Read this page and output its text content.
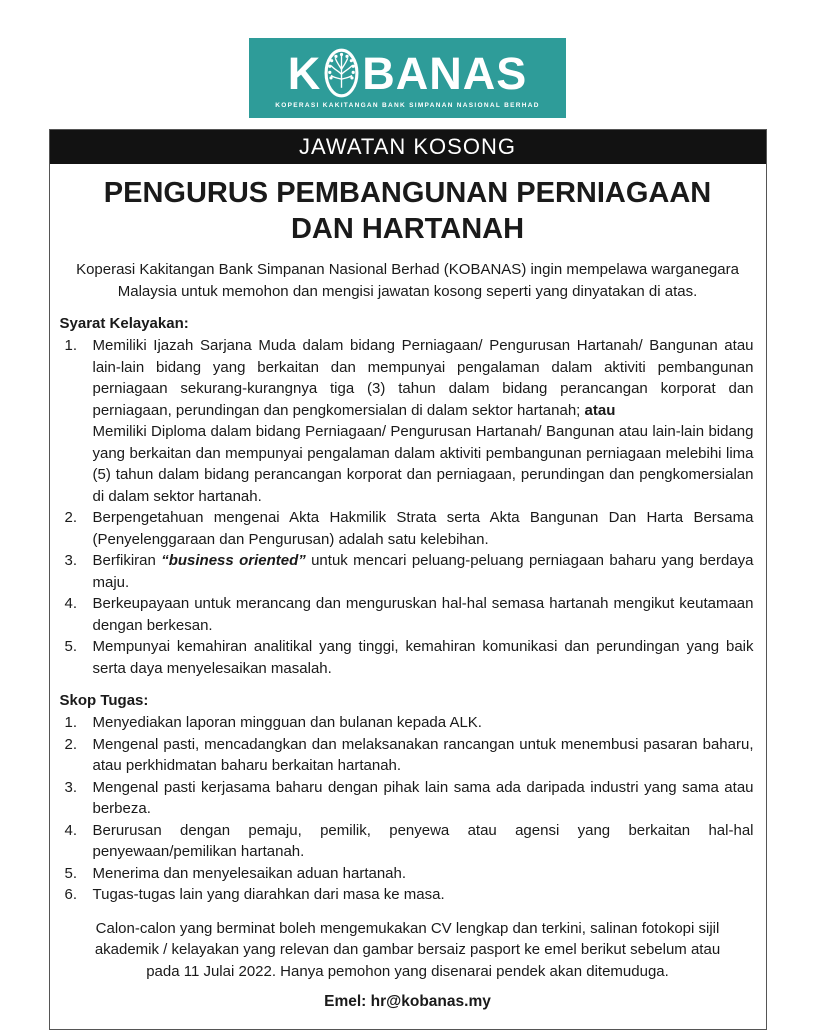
K BANAS
KOPERASI KAKITANGAN BANK SIMPANAN NASIONAL BERHAD
JAWATAN KOSONG
PENGURUS PEMBANGUNAN PERNIAGAAN DAN HARTANAH
Koperasi Kakitangan Bank Simpanan Nasional Berhad (KOBANAS) ingin mempelawa warganegara Malaysia untuk memohon dan mengisi jawatan kosong seperti yang dinyatakan di atas.
Syarat Kelayakan:
Memiliki Ijazah Sarjana Muda dalam bidang Perniagaan/ Pengurusan Hartanah/ Bangunan atau lain-lain bidang yang berkaitan dan mempunyai pengalaman dalam aktiviti pembangunan perniagaan sekurang-kurangnya tiga (3) tahun dalam bidang perancangan korporat dan perniagaan, perundingan dan pengkomersialan di dalam sektor hartanah; atau
Memiliki Diploma dalam bidang Perniagaan/ Pengurusan Hartanah/ Bangunan atau lain-lain bidang yang berkaitan dan mempunyai pengalaman dalam aktiviti pembangunan perniagaan melebihi lima (5) tahun dalam bidang perancangan korporat dan perniagaan, perundingan dan pengkomersialan di dalam sektor hartanah.
Berpengetahuan mengenai Akta Hakmilik Strata serta Akta Bangunan Dan Harta Bersama (Penyelenggaraan dan Pengurusan) adalah satu kelebihan.
Berfikiran “business oriented” untuk mencari peluang-peluang perniagaan baharu yang berdaya maju.
Berkeupayaan untuk merancang dan menguruskan hal-hal semasa hartanah mengikut keutamaan dengan berkesan.
Mempunyai kemahiran analitikal yang tinggi, kemahiran komunikasi dan perundingan yang baik serta daya menyelesaikan masalah.
Skop Tugas:
Menyediakan laporan mingguan dan bulanan kepada ALK.
Mengenal pasti, mencadangkan dan melaksanakan rancangan untuk menembusi pasaran baharu, atau perkhidmatan baharu berkaitan hartanah.
Mengenal pasti kerjasama baharu dengan pihak lain sama ada daripada industri yang sama atau berbeza.
Berurusan dengan pemaju, pemilik, penyewa atau agensi yang berkaitan hal-hal penyewaan/pemilikan hartanah.
Menerima dan menyelesaikan aduan hartanah.
Tugas-tugas lain yang diarahkan dari masa ke masa.
Calon-calon yang berminat boleh mengemukakan CV lengkap dan terkini, salinan fotokopi sijil akademik / kelayakan yang relevan dan gambar bersaiz pasport ke emel berikut sebelum atau pada 11 Julai 2022. Hanya pemohon yang disenarai pendek akan ditemuduga.
Emel: hr@kobanas.my
